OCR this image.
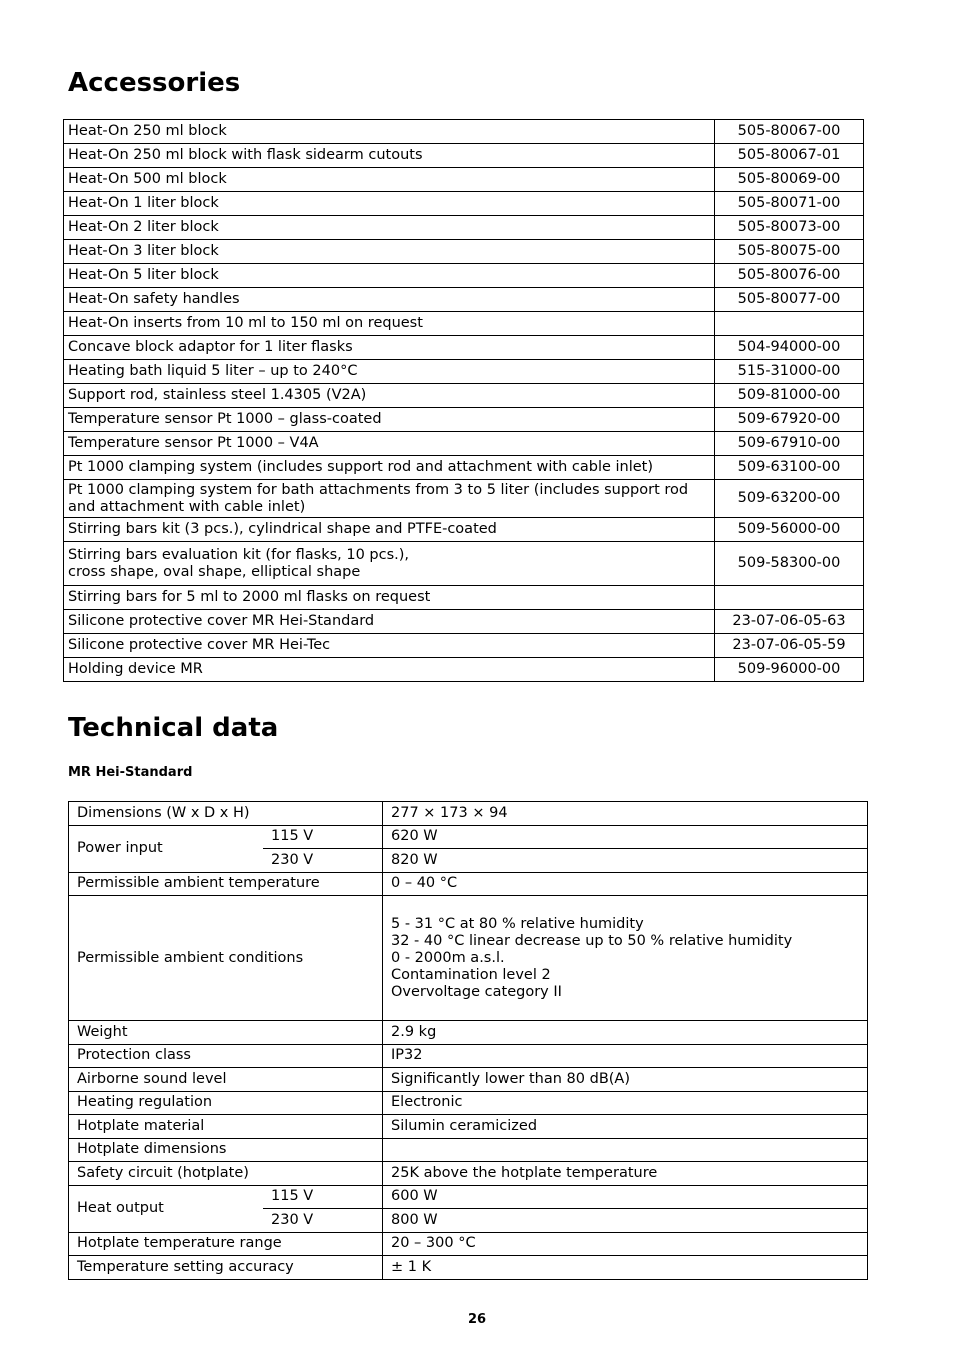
Accessories
Heat-On 250 ml block	505-80067-00
Heat-On 250 ml block with flask sidearm cutouts	505-80067-01
Heat-On 500 ml block	505-80069-00
Heat-On 1 liter block	505-80071-00
Heat-On 2 liter block	505-80073-00
Heat-On 3 liter block	505-80075-00
Heat-On 5 liter block	505-80076-00
Heat-On safety handles	505-80077-00
Heat-On inserts from 10 ml to 150 ml on request	
Concave block adaptor for 1 liter flasks	504-94000-00
Heating bath liquid 5 liter – up to 240°C	515-31000-00
Support rod, stainless steel 1.4305 (V2A)	509-81000-00
Temperature sensor Pt 1000 – glass-coated	509-67920-00
Temperature sensor Pt 1000 – V4A	509-67910-00
Pt 1000 clamping system (includes support rod and attachment with cable inlet)	509-63100-00
Pt 1000 clamping system for bath attachments from 3 to 5 liter (includes support rod and attachment with cable inlet)	509-63200-00
Stirring bars kit (3 pcs.), cylindrical shape and PTFE-coated	509-56000-00
Stirring bars evaluation kit (for flasks, 10 pcs.),
cross shape, oval shape, elliptical shape	509-58300-00
Stirring bars for 5 ml to 2000 ml flasks on request	
Silicone protective cover MR Hei-Standard	23-07-06-05-63
Silicone protective cover MR Hei-Tec	23-07-06-05-59
Holding device MR	509-96000-00
Technical data
MR Hei-Standard
Dimensions (W x D x H)		277 × 173 × 94
Power input	115 V	620 W
	230 V	820 W
Permissible ambient temperature		0 – 40 °C
Permissible ambient conditions		5 - 31 °C at 80 % relative humidity
32 - 40 °C linear decrease up to 50 % relative humidity
0 - 2000m a.s.l.
Contamination level 2
Overvoltage category II

Weight		2.9 kg
Protection class		IP32
Airborne sound level		Significantly lower than 80 dB(A)
Heating regulation		Electronic
Hotplate material		Silumin ceramicized
Hotplate dimensions		
Safety circuit (hotplate)		25K above the hotplate temperature
Heat output	115 V	600 W
	230 V	800 W
Hotplate temperature range		20 – 300 °C
Temperature setting accuracy		± 1 K
26
